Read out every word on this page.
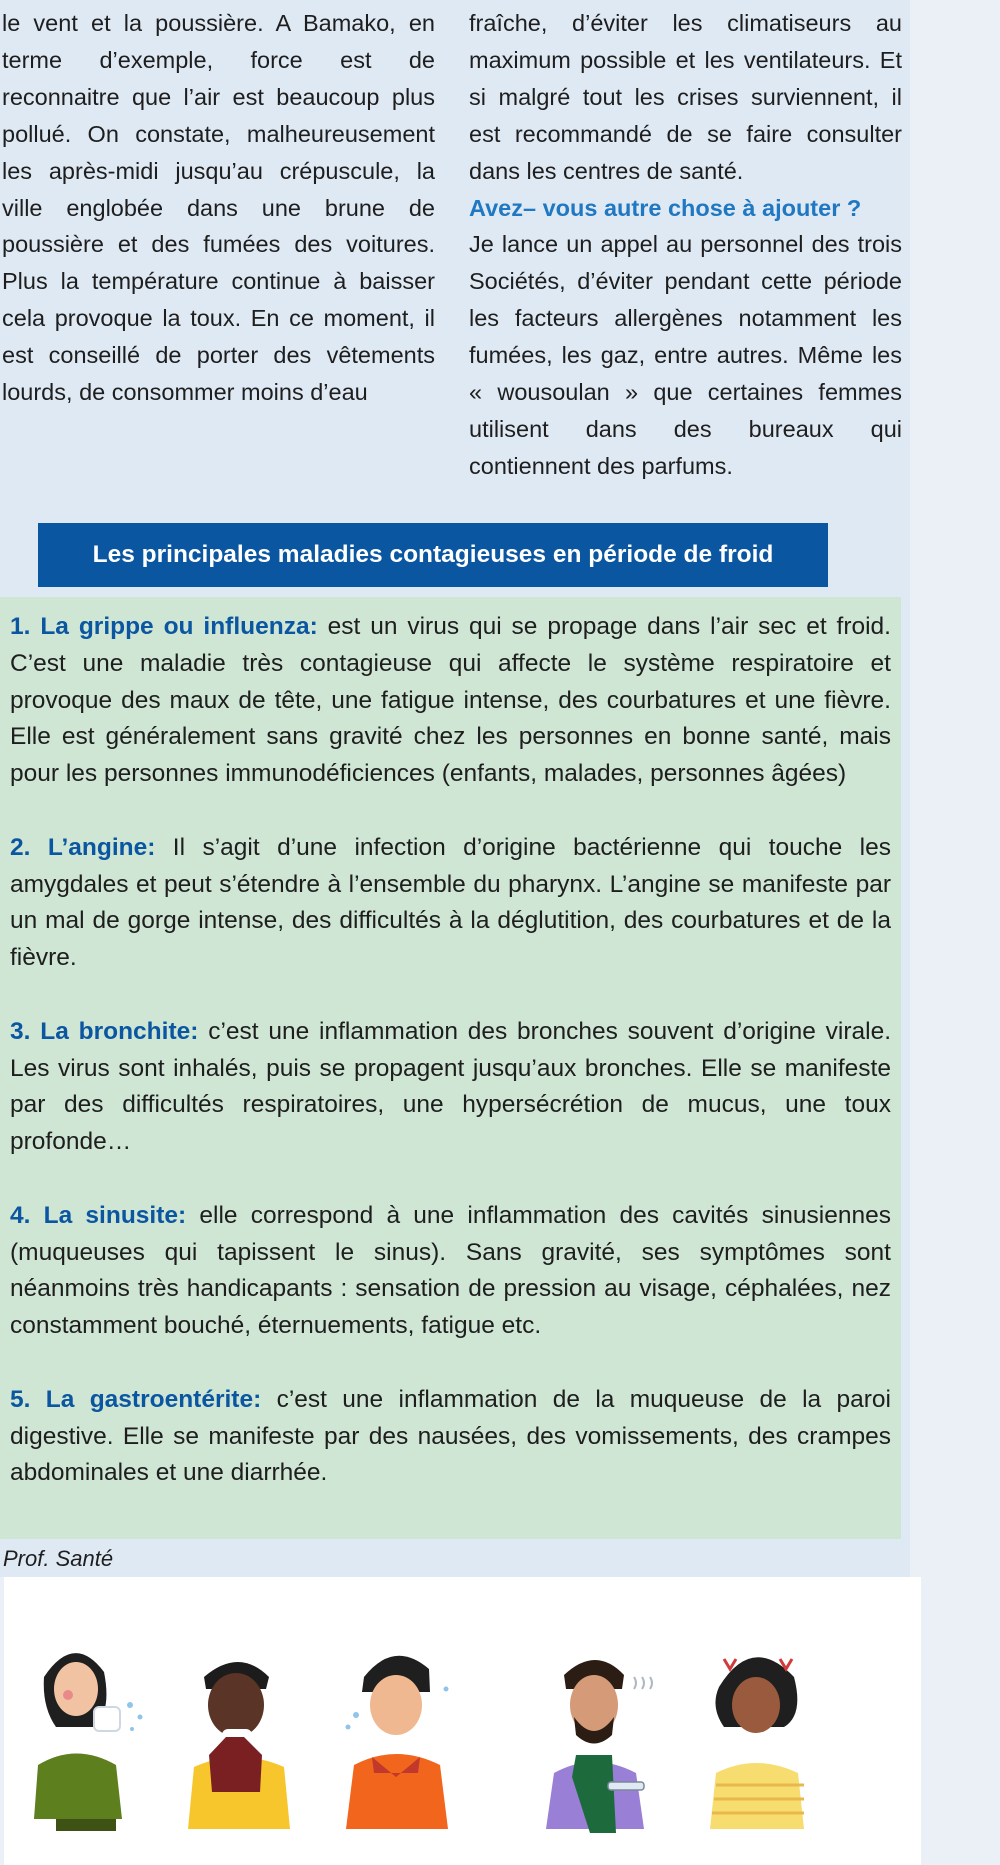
le vent et la poussière. A Bamako, en terme d’exemple, force est de reconnaitre que l’air est beaucoup plus pollué. On constate, malheureusement les après-midi jusqu’au crépuscule, la ville englobée dans une brune de poussière et des fumées des voitures. Plus la température continue à baisser cela provoque la toux. En ce moment, il est conseillé de porter des vêtements lourds, de consommer moins d’eau

fraîche, d’éviter les climatiseurs au maximum possible et les ventilateurs. Et si malgré tout les crises surviennent, il est recommandé de se faire consulter dans les centres de santé.

Avez– vous autre chose à ajouter ?

Je lance un appel au personnel des trois Sociétés, d’éviter pendant cette période les facteurs allergènes notamment les fumées, les gaz, entre autres. Même les « wousoulan » que certaines femmes utilisent dans des bureaux qui contiennent des parfums.

Les principales maladies contagieuses en période de froid

1. La grippe ou influenza: est un virus qui se propage dans l’air sec et froid. C’est une maladie très contagieuse qui affecte le système respiratoire et provoque des maux de tête, une fatigue intense, des courbatures et une fièvre. Elle est généralement sans gravité chez les personnes en bonne santé, mais pour les personnes immunodéficiences (enfants, malades, personnes âgées)

2. L’angine: Il s’agit d’une infection d’origine bactérienne qui touche les amygdales et peut s’étendre à l’ensemble du pharynx. L’angine se manifeste par un mal de gorge intense, des difficultés à la déglutition, des courbatures et de la fièvre.

3. La bronchite: c’est une inflammation des bronches souvent d’origine virale. Les virus sont inhalés, puis se propagent jusqu’aux bronches. Elle se manifeste par des difficultés respiratoires, une hypersécrétion de mucus, une toux profonde…

4. La sinusite: elle correspond à une inflammation des cavités sinusiennes (muqueuses qui tapissent le sinus). Sans gravité, ses symptômes sont néanmoins très handicapants : sensation de pression au visage, céphalées, nez constamment bouché, éternuements, fatigue etc.

5. La gastroentérite: c’est une inflammation de la muqueuse de la paroi digestive. Elle se manifeste par des nausées, des vomissements, des crampes abdominales et une diarrhée.

Prof. Santé
